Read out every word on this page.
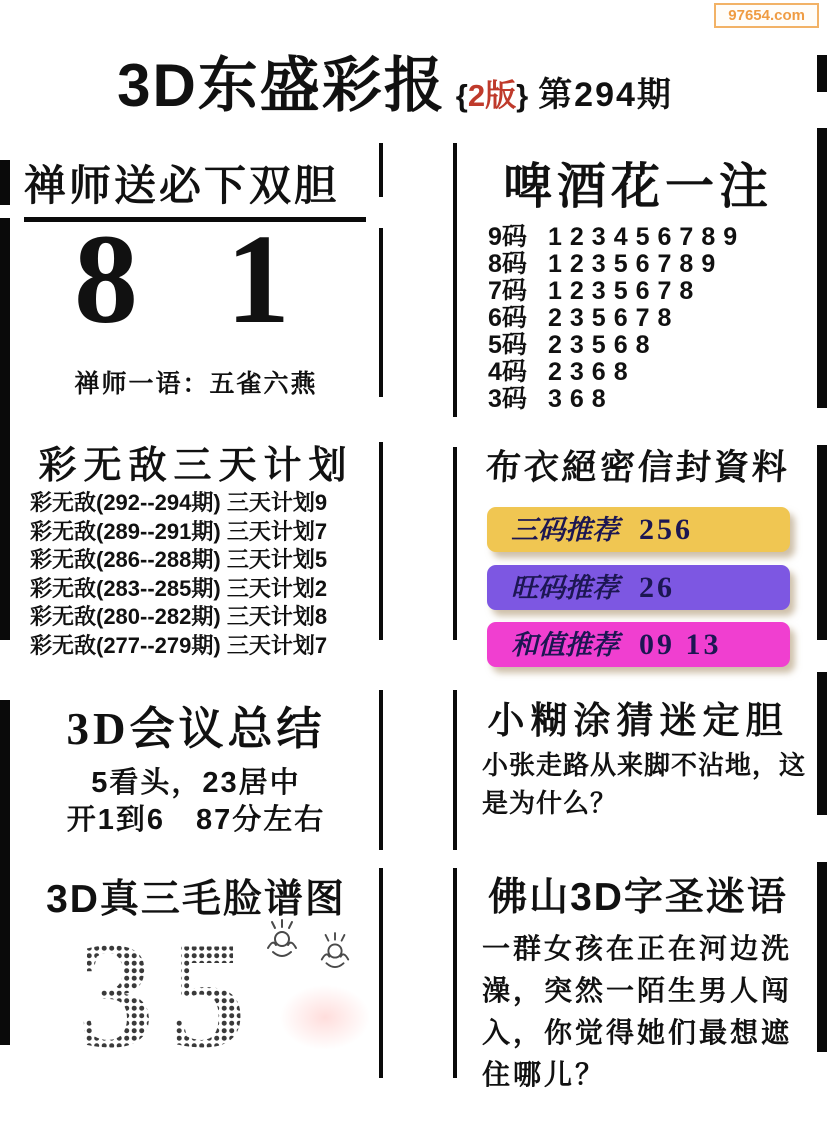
97654.com
3D东盛彩报 {2版} 第294期
禅师送必下双胆
8 1
禅师一语：五雀六燕
彩无敌三天计划
彩无敌(292--294期) 三天计划9
彩无敌(289--291期) 三天计划7
彩无敌(286--288期) 三天计划5
彩无敌(283--285期) 三天计划2
彩无敌(280--282期) 三天计划8
彩无敌(277--279期) 三天计划7
3D会议总结
5看头，23居中
开1到6　87分左右
3D真三毛脸谱图
3 5
啤酒花一注
9码 123456789
8码 12356789
7码 1235678
6码 235678
5码 23568
4码 2368
3码 368
布衣絕密信封資料
三码推荐 256
旺码推荐 26
和值推荐 09 13
小糊涂猜迷定胆
小张走路从来脚不沾地，这是为什么？
佛山3D字圣迷语
一群女孩在正在河边洗澡，突然一陌生男人闯入，你觉得她们最想遮住哪儿？
